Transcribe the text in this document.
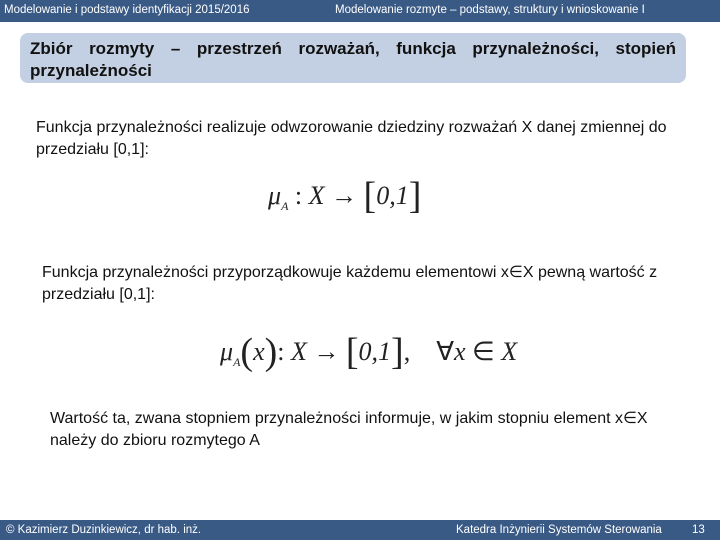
Modelowanie i podstawy identyfikacji 2015/2016	Modelowanie rozmyte – podstawy, struktury i wnioskowanie I
Zbiór rozmyty – przestrzeń rozważań, funkcja przynależności, stopień przynależności
Funkcja przynależności realizuje odwzorowanie dziedziny rozważań X danej zmiennej do przedziału [0,1]:
$\mu_A$ : X → [0,1]
Funkcja przynależności przyporządkowuje każdemu elementowi x∈X pewną wartość z przedziału [0,1]:
$\mu_A(x)$: X → [0,1], ∀x ∈ X
Wartość ta, zwana stopniem przynależności informuje, w jakim stopniu element x∈X należy do zbioru rozmytego A
© Kazimierz Duzinkiewicz, dr hab. inż.	Katedra Inżynierii Systemów Sterowania	13
